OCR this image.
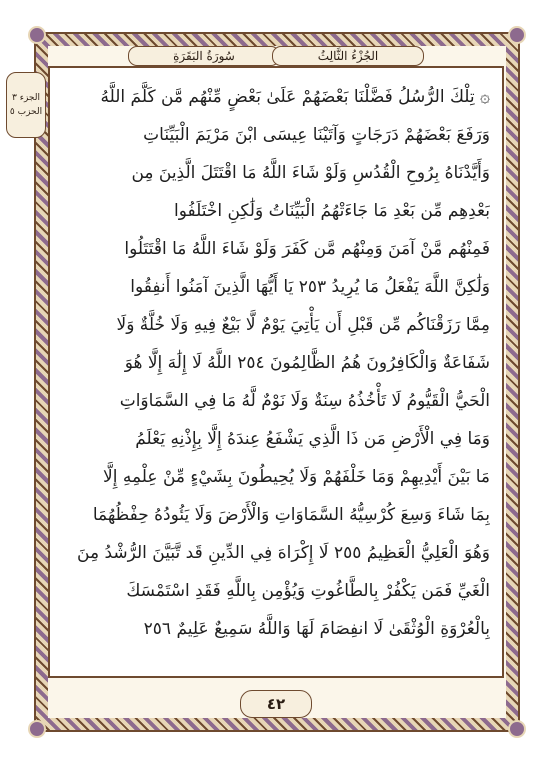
سُورَةُ البَقَرَةِ	الجُزْءُ الثَّالِثُ
الجزء ٣
الحزب ٥
۞ تِلْكَ الرُّسُلُ فَضَّلْنَا بَعْضَهُمْ عَلَىٰ بَعْضٍ مِّنْهُم مَّن كَلَّمَ اللَّهُ
وَرَفَعَ بَعْضَهُمْ دَرَجَاتٍ وَآتَيْنَا عِيسَى ابْنَ مَرْيَمَ الْبَيِّنَاتِ
وَأَيَّدْنَاهُ بِرُوحِ الْقُدُسِ وَلَوْ شَاءَ اللَّهُ مَا اقْتَتَلَ الَّذِينَ مِن
بَعْدِهِم مِّن بَعْدِ مَا جَاءَتْهُمُ الْبَيِّنَاتُ وَلَٰكِنِ اخْتَلَفُوا
فَمِنْهُم مَّنْ آمَنَ وَمِنْهُم مَّن كَفَرَ وَلَوْ شَاءَ اللَّهُ مَا اقْتَتَلُوا
وَلَٰكِنَّ اللَّهَ يَفْعَلُ مَا يُرِيدُ ٢٥٣ يَا أَيُّهَا الَّذِينَ آمَنُوا أَنفِقُوا
مِمَّا رَزَقْنَاكُم مِّن قَبْلِ أَن يَأْتِيَ يَوْمٌ لَّا بَيْعٌ فِيهِ وَلَا خُلَّةٌ وَلَا
شَفَاعَةٌ وَالْكَافِرُونَ هُمُ الظَّالِمُونَ ٢٥٤ اللَّهُ لَا إِلَٰهَ إِلَّا هُوَ
الْحَيُّ الْقَيُّومُ لَا تَأْخُذُهُ سِنَةٌ وَلَا نَوْمٌ لَّهُ مَا فِي السَّمَاوَاتِ
وَمَا فِي الْأَرْضِ مَن ذَا الَّذِي يَشْفَعُ عِندَهُ إِلَّا بِإِذْنِهِ يَعْلَمُ
مَا بَيْنَ أَيْدِيهِمْ وَمَا خَلْفَهُمْ وَلَا يُحِيطُونَ بِشَيْءٍ مِّنْ عِلْمِهِ إِلَّا
بِمَا شَاءَ وَسِعَ كُرْسِيُّهُ السَّمَاوَاتِ وَالْأَرْضَ وَلَا يَئُودُهُ حِفْظُهُمَا
وَهُوَ الْعَلِيُّ الْعَظِيمُ ٢٥٥ لَا إِكْرَاهَ فِي الدِّينِ قَد تَّبَيَّنَ الرُّشْدُ مِنَ
الْغَيِّ فَمَن يَكْفُرْ بِالطَّاغُوتِ وَيُؤْمِن بِاللَّهِ فَقَدِ اسْتَمْسَكَ
بِالْعُرْوَةِ الْوُثْقَىٰ لَا انفِصَامَ لَهَا وَاللَّهُ سَمِيعٌ عَلِيمٌ ٢٥٦
٤٢
